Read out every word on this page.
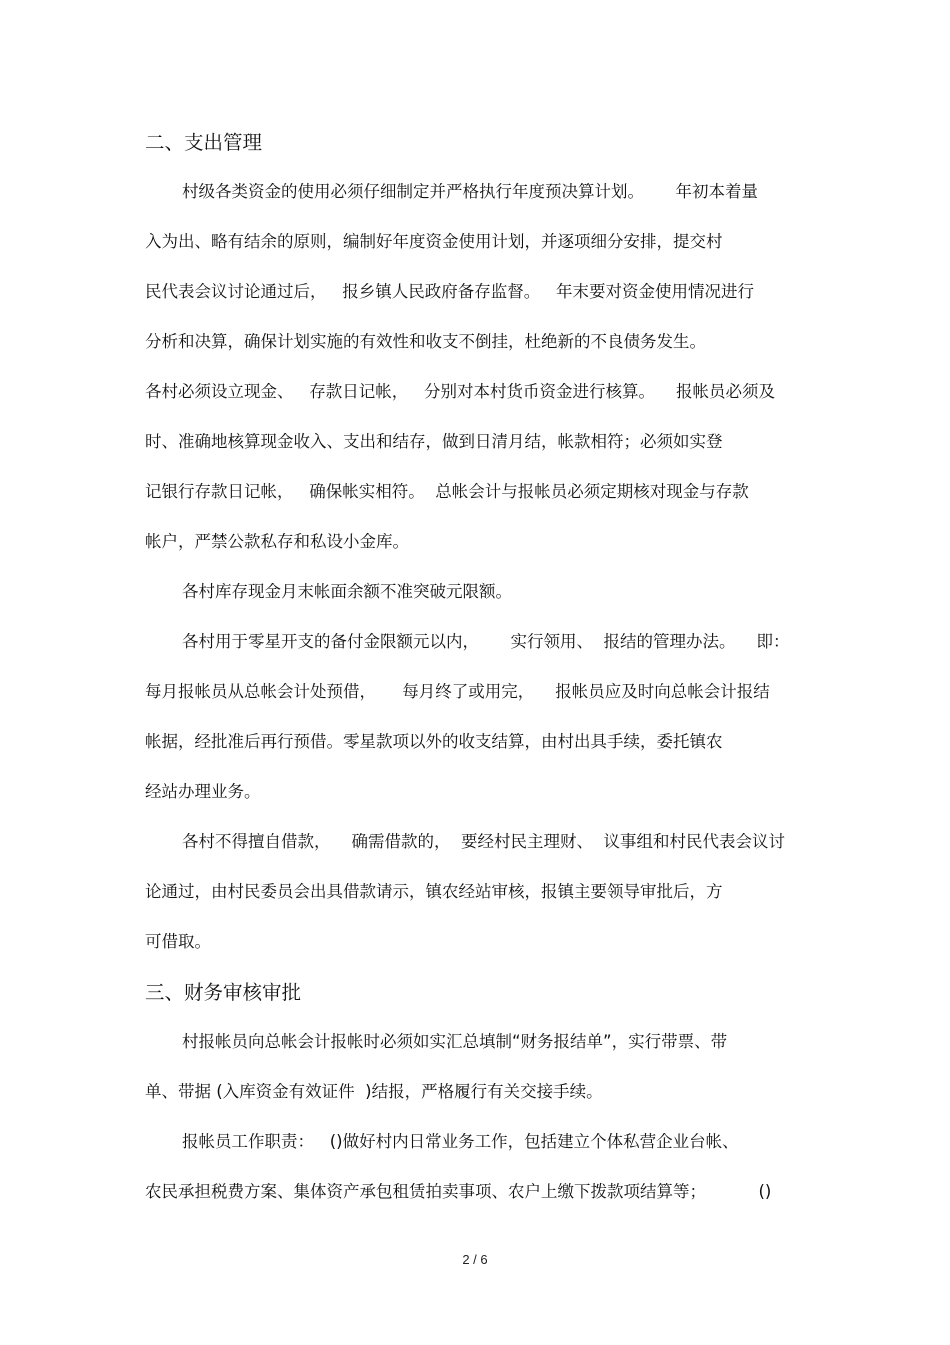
二、支出管理
村级各类资金的使用必须仔细制定并严格执行年度预决算计划。      年初本着量
入为出、略有结余的原则，编制好年度资金使用计划，并逐项细分安排，提交村
民代表会议讨论通过后，   报乡镇人民政府备存监督。   年末要对资金使用情况进行
分析和决算，确保计划实施的有效性和收支不倒挂，杜绝新的不良债务发生。
各村必须设立现金、   存款日记帐，   分别对本村货币资金进行核算。    报帐员必须及
时、准确地核算现金收入、支出和结存，做到日清月结，帐款相符；必须如实登
记银行存款日记帐，   确保帐实相符。  总帐会计与报帐员必须定期核对现金与存款
帐户，严禁公款私存和私设小金库。
各村库存现金月末帐面余额不准突破元限额。
各村用于零星开支的备付金限额元以内，      实行领用、  报结的管理办法。    即：
每月报帐员从总帐会计处预借，     每月终了或用完，    报帐员应及时向总帐会计报结
帐据，经批准后再行预借。零星款项以外的收支结算，由村出具手续，委托镇农
经站办理业务。
各村不得擅自借款，    确需借款的，  要经村民主理财、  议事组和村民代表会议讨
论通过，由村民委员会出具借款请示，镇农经站审核，报镇主要领导审批后，方
可借取。
三、财务审核审批
村报帐员向总帐会计报帐时必须如实汇总填制“财务报结单”，实行带票、带
单、带据 (入库资金有效证件  )结报，严格履行有关交接手续。
报帐员工作职责：   ()做好村内日常业务工作，包括建立个体私营企业台帐、
农民承担税费方案、集体资产承包租赁拍卖事项、农户上缴下拨款项结算等；          ()
2 / 6
